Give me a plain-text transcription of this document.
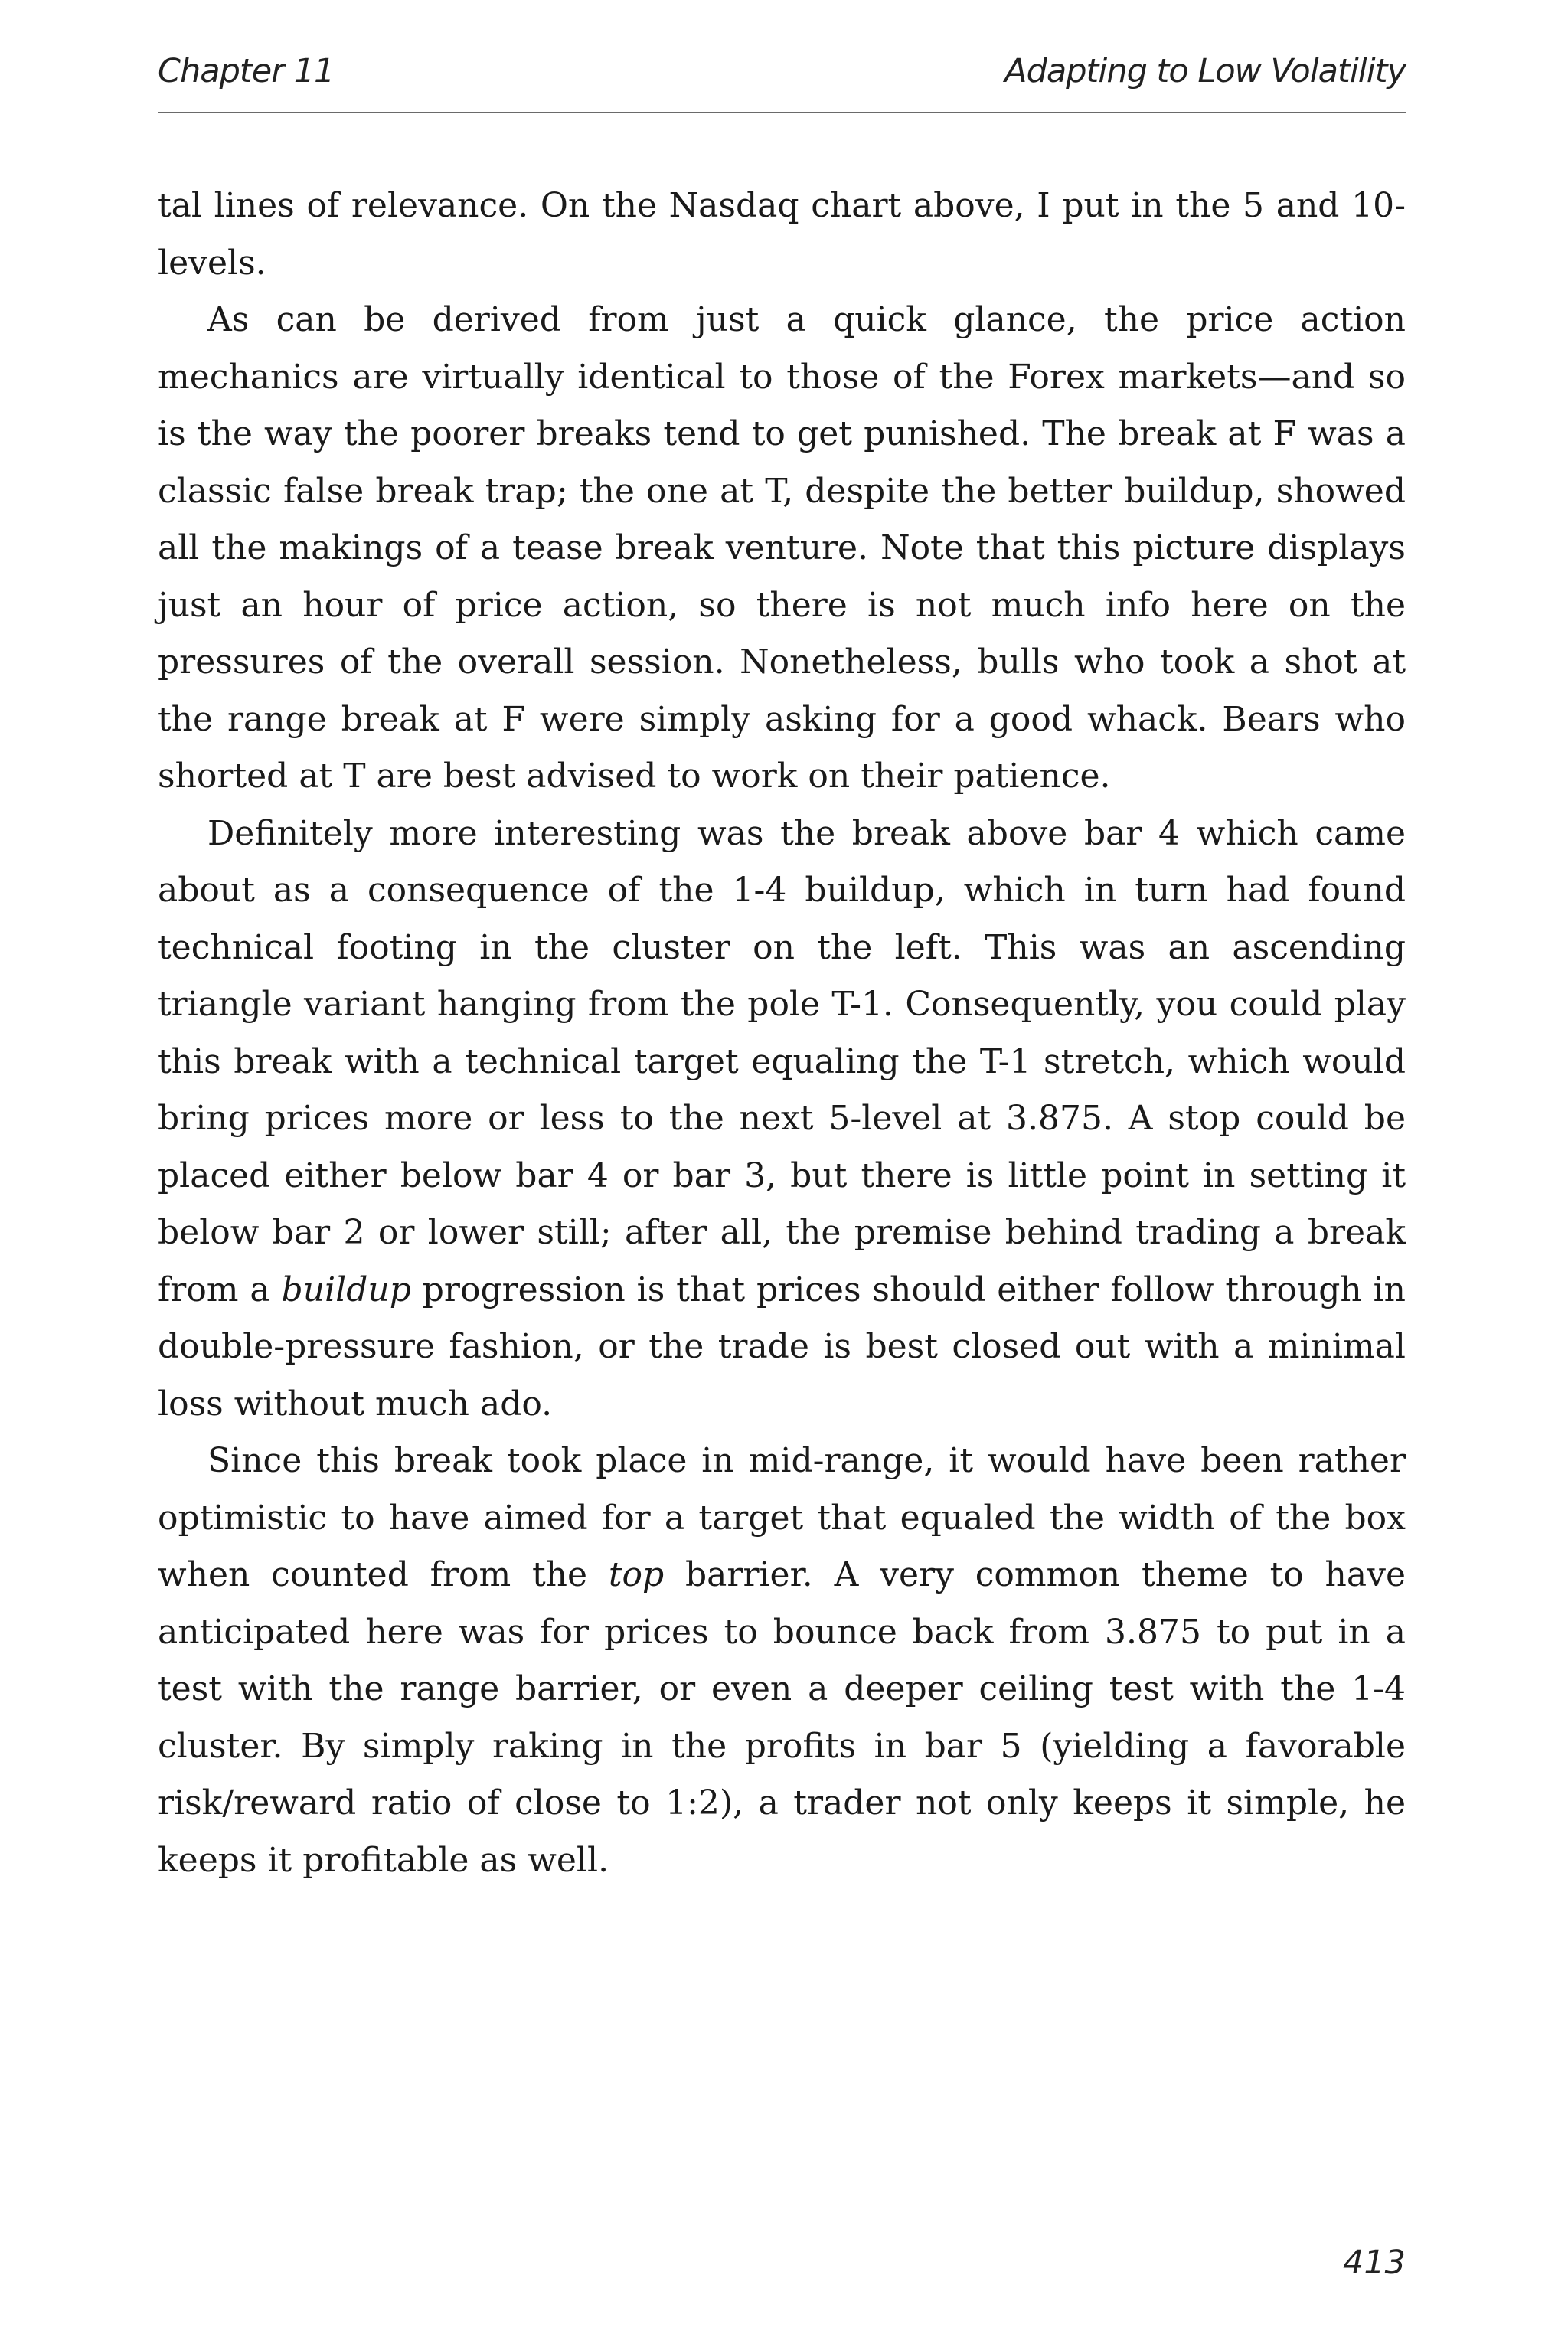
Chapter 11	Adapting to Low Volatility

tal lines of relevance. On the Nasdaq chart above, I put in the 5 and 10-levels.

As can be derived from just a quick glance, the price action mechanics are virtually identical to those of the Forex markets—and so is the way the poorer breaks tend to get punished. The break at F was a classic false break trap; the one at T, despite the better buildup, showed all the makings of a tease break venture. Note that this picture displays just an hour of price action, so there is not much info here on the pressures of the overall session. Nonetheless, bulls who took a shot at the range break at F were simply asking for a good whack. Bears who shorted at T are best advised to work on their patience.

Definitely more interesting was the break above bar 4 which came about as a consequence of the 1-4 buildup, which in turn had found technical footing in the cluster on the left. This was an ascending triangle variant hanging from the pole T-1. Consequently, you could play this break with a technical target equaling the T-1 stretch, which would bring prices more or less to the next 5-level at 3.875. A stop could be placed either below bar 4 or bar 3, but there is little point in setting it below bar 2 or lower still; after all, the premise behind trading a break from a buildup progression is that prices should either follow through in double-pressure fashion, or the trade is best closed out with a minimal loss without much ado.

Since this break took place in mid-range, it would have been rather optimistic to have aimed for a target that equaled the width of the box when counted from the top barrier. A very common theme to have anticipated here was for prices to bounce back from 3.875 to put in a test with the range barrier, or even a deeper ceiling test with the 1-4 cluster. By simply raking in the profits in bar 5 (yielding a favorable risk/reward ratio of close to 1:2), a trader not only keeps it simple, he keeps it profitable as well.

413
